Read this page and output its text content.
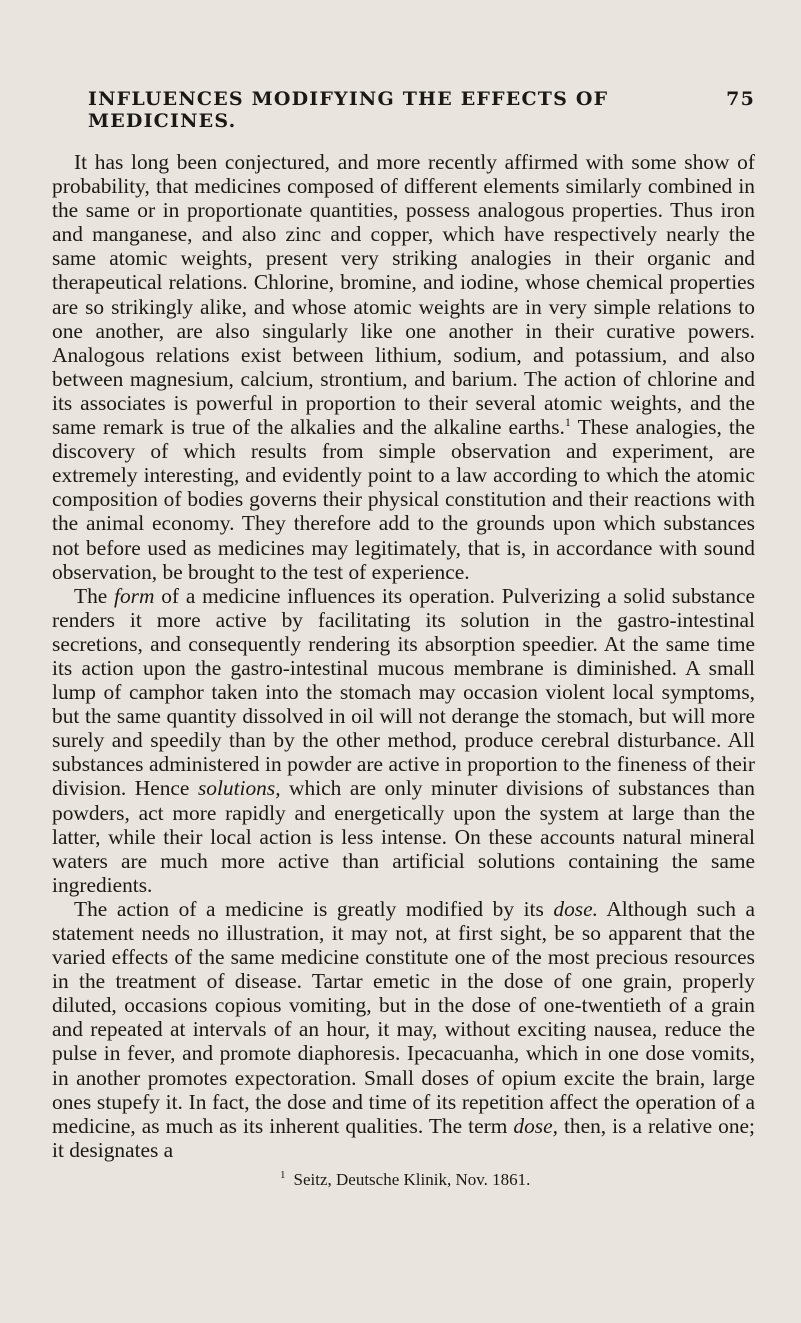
INFLUENCES MODIFYING THE EFFECTS OF MEDICINES.
75

It has long been conjectured, and more recently affirmed with some show of probability, that medicines composed of different elements similarly combined in the same or in proportionate quantities, possess analogous properties. Thus iron and manganese, and also zinc and copper, which have respectively nearly the same atomic weights, present very striking analogies in their organic and therapeutical relations. Chlorine, bromine, and iodine, whose chemical properties are so strikingly alike, and whose atomic weights are in very simple relations to one another, are also singularly like one another in their curative powers. Analogous relations exist between lithium, sodium, and potassium, and also between magnesium, calcium, strontium, and barium. The action of chlorine and its associates is powerful in proportion to their several atomic weights, and the same remark is true of the alkalies and the alkaline earths.$^1$ These analogies, the discovery of which results from simple observation and experiment, are extremely interesting, and evidently point to a law according to which the atomic composition of bodies governs their physical constitution and their reactions with the animal economy. They therefore add to the grounds upon which substances not before used as medicines may legitimately, that is, in accordance with sound observation, be brought to the test of experience.

The form of a medicine influences its operation. Pulverizing a solid substance renders it more active by facilitating its solution in the gastro-intestinal secretions, and consequently rendering its absorption speedier. At the same time its action upon the gastro-intestinal mucous membrane is diminished. A small lump of camphor taken into the stomach may occasion violent local symptoms, but the same quantity dissolved in oil will not derange the stomach, but will more surely and speedily than by the other method, produce cerebral disturbance. All substances administered in powder are active in proportion to the fineness of their division. Hence solutions, which are only minuter divisions of substances than powders, act more rapidly and energetically upon the system at large than the latter, while their local action is less intense. On these accounts natural mineral waters are much more active than artificial solutions containing the same ingredients.

The action of a medicine is greatly modified by its dose. Although such a statement needs no illustration, it may not, at first sight, be so apparent that the varied effects of the same medicine constitute one of the most precious resources in the treatment of disease. Tartar emetic in the dose of one grain, properly diluted, occasions copious vomiting, but in the dose of one-twentieth of a grain and repeated at intervals of an hour, it may, without exciting nausea, reduce the pulse in fever, and promote diaphoresis. Ipecacuanha, which in one dose vomits, in another promotes expectoration. Small doses of opium excite the brain, large ones stupefy it. In fact, the dose and time of its repetition affect the operation of a medicine, as much as its inherent qualities. The term dose, then, is a relative one; it designates a

$^1$ Seitz, Deutsche Klinik, Nov. 1861.
